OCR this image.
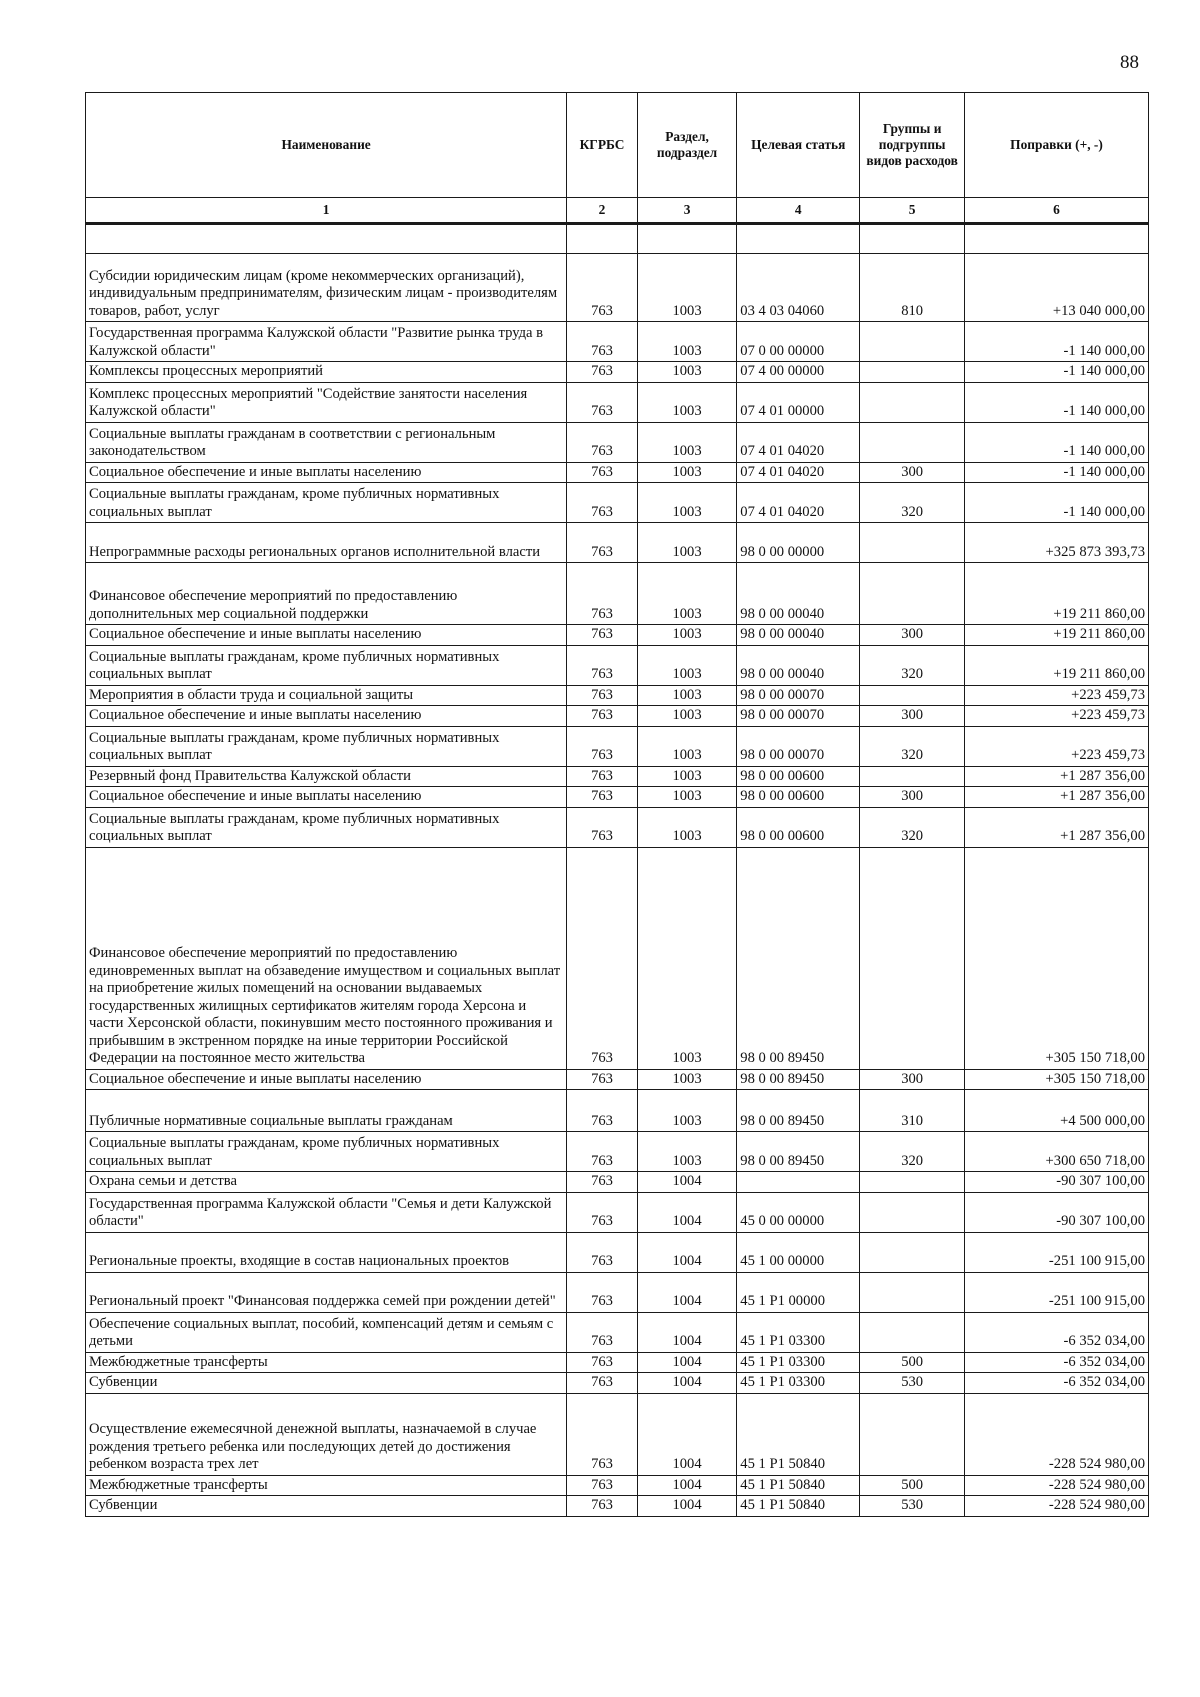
88
Наименование	КГРБС	Раздел, подраздел	Целевая статья	Группы и подгруппы видов расходов	Поправки (+, -)
1	2	3	4	5	6

Субсидии юридическим лицам (кроме некоммерческих организаций), индивидуальным предпринимателям, физическим лицам - производителям товаров, работ, услуг	763	1003	03 4 03 04060	810	+13 040 000,00
Государственная программа Калужской области "Развитие рынка труда в Калужской области"	763	1003	07 0 00 00000		-1 140 000,00
Комплексы процессных мероприятий	763	1003	07 4 00 00000		-1 140 000,00
Комплекс процессных мероприятий "Содействие занятости населения Калужской области"	763	1003	07 4 01 00000		-1 140 000,00
Социальные выплаты гражданам в соответствии с региональным законодательством	763	1003	07 4 01 04020		-1 140 000,00
Социальное обеспечение и иные выплаты населению	763	1003	07 4 01 04020	300	-1 140 000,00
Социальные выплаты гражданам, кроме публичных нормативных социальных выплат	763	1003	07 4 01 04020	320	-1 140 000,00
Непрограммные расходы региональных органов исполнительной власти	763	1003	98 0 00 00000		+325 873 393,73
Финансовое обеспечение мероприятий по предоставлению дополнительных мер социальной поддержки	763	1003	98 0 00 00040		+19 211 860,00
Социальное обеспечение и иные выплаты населению	763	1003	98 0 00 00040	300	+19 211 860,00
Социальные выплаты гражданам, кроме публичных нормативных социальных выплат	763	1003	98 0 00 00040	320	+19 211 860,00
Мероприятия в области труда и социальной защиты	763	1003	98 0 00 00070		+223 459,73
Социальное обеспечение и иные выплаты населению	763	1003	98 0 00 00070	300	+223 459,73
Социальные выплаты гражданам, кроме публичных нормативных социальных выплат	763	1003	98 0 00 00070	320	+223 459,73
Резервный фонд Правительства Калужской области	763	1003	98 0 00 00600		+1 287 356,00
Социальное обеспечение и иные выплаты населению	763	1003	98 0 00 00600	300	+1 287 356,00
Социальные выплаты гражданам, кроме публичных нормативных социальных выплат	763	1003	98 0 00 00600	320	+1 287 356,00
Финансовое обеспечение мероприятий по предоставлению единовременных выплат на обзаведение имуществом и социальных выплат на приобретение жилых помещений на основании выдаваемых государственных жилищных сертификатов жителям города Херсона и части Херсонской области, покинувшим место постоянного проживания и прибывшим в экстренном порядке на иные территории Российской Федерации на постоянное место жительства	763	1003	98 0 00 89450		+305 150 718,00
Социальное обеспечение и иные выплаты населению	763	1003	98 0 00 89450	300	+305 150 718,00
Публичные нормативные социальные выплаты гражданам	763	1003	98 0 00 89450	310	+4 500 000,00
Социальные выплаты гражданам, кроме публичных нормативных социальных выплат	763	1003	98 0 00 89450	320	+300 650 718,00
Охрана семьи и детства	763	1004			-90 307 100,00
Государственная программа Калужской области "Семья и дети Калужской области"	763	1004	45 0 00 00000		-90 307 100,00
Региональные проекты, входящие в состав национальных проектов	763	1004	45 1 00 00000		-251 100 915,00
Региональный проект "Финансовая поддержка семей при рождении детей"	763	1004	45 1 P1 00000		-251 100 915,00
Обеспечение социальных выплат, пособий, компенсаций детям и семьям с детьми	763	1004	45 1 P1 03300		-6 352 034,00
Межбюджетные трансферты	763	1004	45 1 P1 03300	500	-6 352 034,00
Субвенции	763	1004	45 1 P1 03300	530	-6 352 034,00
Осуществление ежемесячной денежной выплаты, назначаемой в случае рождения третьего ребенка или последующих детей до достижения ребенком возраста трех лет	763	1004	45 1 P1 50840		-228 524 980,00
Межбюджетные трансферты	763	1004	45 1 P1 50840	500	-228 524 980,00
Субвенции	763	1004	45 1 P1 50840	530	-228 524 980,00
